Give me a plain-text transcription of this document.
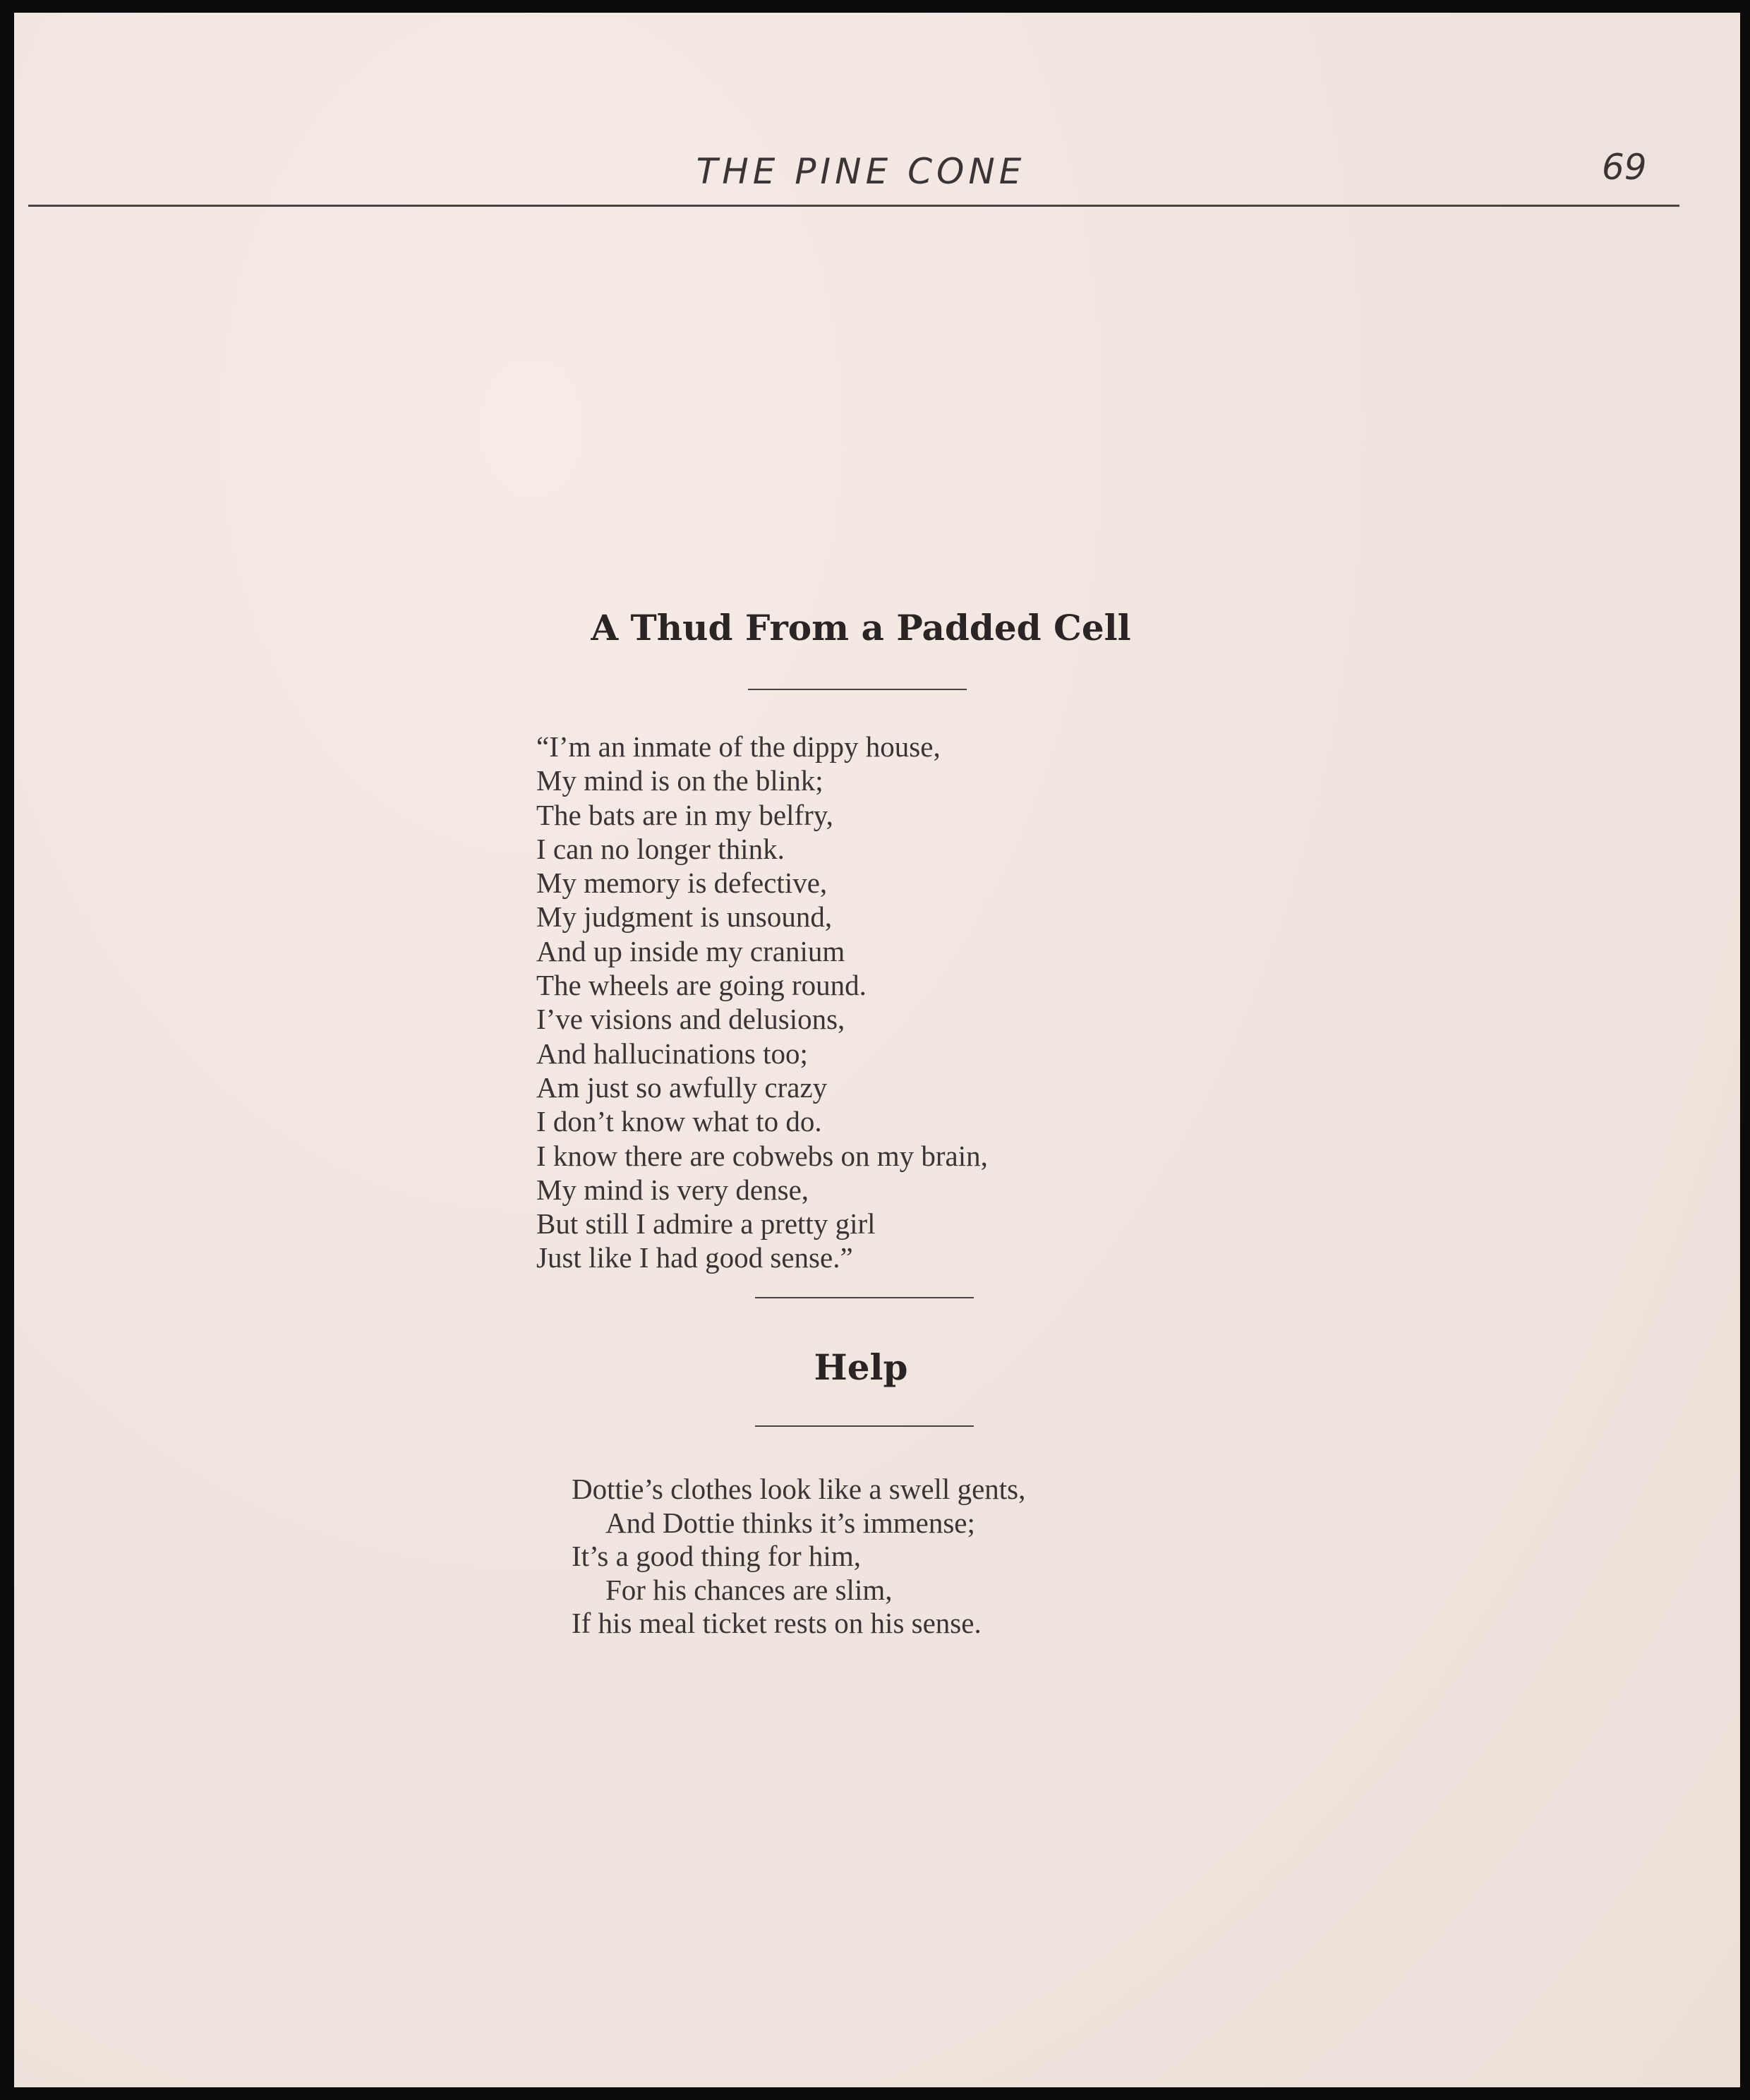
THE PINE CONE	69
A Thud From a Padded Cell
“I’m an inmate of the dippy house,
My mind is on the blink;
The bats are in my belfry,
I can no longer think.
My memory is defective,
My judgment is unsound,
And up inside my cranium
The wheels are going round.
I’ve visions and delusions,
And hallucinations too;
Am just so awfully crazy
I don’t know what to do.
I know there are cobwebs on my brain,
My mind is very dense,
But still I admire a pretty girl
Just like I had good sense.”
Help
Dottie’s clothes look like a swell gents,
And Dottie thinks it’s immense;
It’s a good thing for him,
For his chances are slim,
If his meal ticket rests on his sense.
